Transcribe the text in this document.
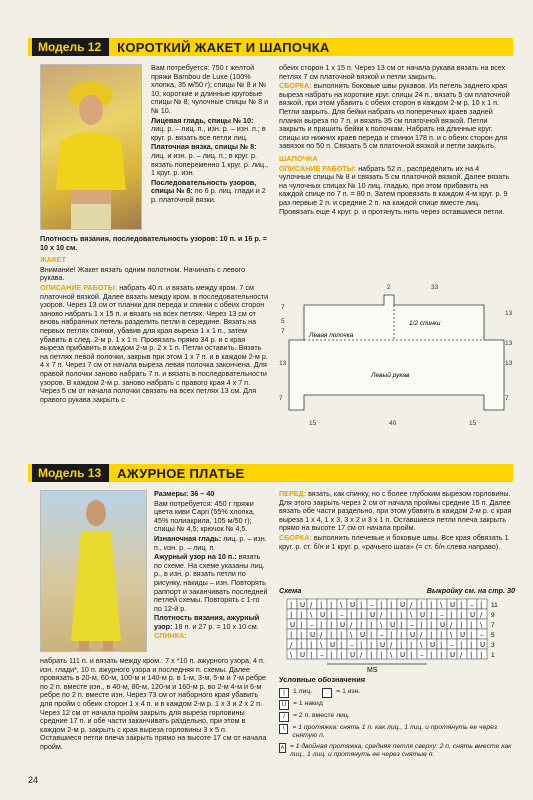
Модель 12	КОРОТКИЙ ЖАКЕТ И ШАПОЧКА

Вам потребуется: 750 г желтой пряжи Bambou de Luxe (100% хлопка, 35 м/50 г); спицы № 8 и № 10; короткие и длинные круговые спицы № 8; чулочные спицы № 8 и № 10.

Лицевая гладь, спицы № 10: лиц. р. – лиц. п., изн. р. – изн. п.; в круг. р. вязать все петли лиц.

Платочная вязка, спицы № 8: лиц. и изн. р. – лиц. п.; в круг. р. вязать попеременно 1 круг. р. лиц., 1 круг. р. изн.

Последовательность узоров, спицы № 8: по 6 р. лиц. глади и 2 р. платочной вязки.

Плотность вязания, последовательность узоров: 10 п. и 16 р. = 10 х 10 см.

ЖАКЕТ

Внимание! Жакет вязать одним полотном. Начинать с левого рукава.

ОПИСАНИЕ РАБОТЫ: набрать 40 п. и вязать между кром. 7 см платочной вязкой. Далее вязать между кром. в последовательности узоров. Через 13 см от планки для переда и спинки с обеих сторон заново набрать 1 х 15 п. и вязать на всех петлях. Через 13 см от вновь набранных петель разделить петли в середине. Вязать на первых петлях спинки, убавив для края выреза 1 х 1 п., затем убавить в след. 2-м р. 1 х 1 п. Провязать прямо 34 р. и с края выреза прибавить в каждом 2-м р. 2 х 1 п. Петли оставить. Вязать на петлях левой полочки, закрыв при этом 1 х 7 п. и в каждом 2-м р. 4 х 7 п. Через 7 см от начала выреза левая полочка закончена. Для правой полочки заново набрать 7 п. и вязать в последовательности узоров. В каждом 2-м р. заново набрать с правого края 4 х 7 п. Через 5 см от начала полочки связать на всех петлях 13 см. Для правого рукава закрыть с

обеих сторон 1 х 15 п. Через 13 см от начала рукава вязать на всех петлях 7 см платочной вязкой и петли закрыть.

СБОРКА: выполнить боковые швы рукавов. Из петель заднего края выреза набрать на короткие круг. спицы 24 п., вязать 5 см платочной вязкой, при этом убавить с обеих сторон в каждом 2-м р. 10 х 1 п. Петли закрыть. Для бейки набрать из поперечных краев задней планки выреза по 7 п. и вязать 35 см платочной вязкой. Петли закрыть и пришить бейки к полочкам. Набрать на длинные круг. спицы из нижних краев переда и спинки 178 п. и с обеих сторон для завязок по 50 п. Связать 5 см платочной вязкой и петли закрыть.

ШАПОЧКА

ОПИСАНИЕ РАБОТЫ: набрать 52 п., распределить их на 4 чулочные спицы № 8 и связать 5 см платочной вязкой. Далее вязать на чулочных спицах № 10 лиц. гладью, при этом прибавить на каждой спице по 7 п. = 80 п. Затем провязать в каждом 4-м круг. р. 9 раз первые 2 п. и средние 2 п. на каждой спице вместе лиц. Провязать еще 4 круг. р. и протянуть нить через оставшиеся петли.

1/2 спинки
Левая полочка
Левый рукав
2	33
7
5
7
13
13
13
7
15	40	15
13
7
Модель 13	АЖУРНОЕ ПЛАТЬЕ

Размеры: 36 – 40

Вам потребуется: 450 г пряжи цвета киви Capri (55% хлопка, 45% полиакрила, 105 м/50 г); спицы № 4,5; крючок № 4,5.

Изнаночная гладь: лиц. р. – изн. п., изн. р. – лиц. п.

Ажурный узор на 10 п.: вязать по схеме. На схеме указаны лиц. р., в изн. р. вязать петли по рисунку, накиды – изн. Повторять раппорт и заканчивать последней петлей схемы. Повторять с 1-го по 12-й р.

Плотность вязания, ажурный узор: 18 п. и 27 р. = 10 х 10 см. СПИНКА:

набрать 111 п. и вязать между кром.: 7 х *10 п. ажурного узора, 4 п. изн. глади*, 10 п. ажурного узора и последняя п. схемы. Далее провязать в 20-м, 60-м, 100-м и 140-м р. в 1-м, 3-м, 5-м и 7-м ребре по 2 п. вместе изн., в 40-м, 80-м, 120-м и 160-м р. во 2-м 4-м и 6-м ребре по 2 п. вместе изн. Через 73 см от наборного края убавить для пройм с обеих сторон 1 х 4 п. и в каждом 2-м р. 1 х 3 и 2 х 2 п. Через 12 см от начала пройм закрыть для выреза горловины средние 17 п. и обе части заканчивать раздельно, при этом в каждом 2-м р. закрыть с края выреза горловины 3 х 5 п. Оставшиеся петли плеча закрыть прямо на высоте 17 см от начала пройм.

ПЕРЕД: вязать, как спинку, но с более глубоким вырезом горловины. Для этого закрыть через 2 см от начала проймы средние 15 п. Далее вязать обе части раздельно, при этом убавить в каждом 2-м р. с края выреза 1 х 4, 1 х 3, 3 х 2 и 3 х 1 п. Оставшиеся петли плеча закрыть прямо на высоте 17 см от начала пройм.

СБОРКА: выполнить плечевые и боковые швы. Все края обвязать 1 круг. р. ст. б/н и 1 круг. р. «рачьего шага» (= ст. б/н слева направо).

Схема	Выкройку см. на стр. 30
| U / | | \ U | – | | U / | | \ U | – |
| | \ U | – | | U / | | \ U | – | | U /
U | – | | U / | | \ U | – | | U / | | \
| | U / | | \ U | – | | U / | | \ U | –
/ | | \ U | – | | U / | | \ U | – | | U
\ U | – | | U / | | \ U | – | | U / | |
11
9
7
5
3
1
MS

Условные обозначения

|	1 лиц.	= 1 изн.
U	= 1 накид
/	= 2 п. вместе лиц.
\	= 1 протяжка: снять 1 п. как лиц., 1 лиц. и протянуть ее через снятую п.
∧ = 1 двойная протяжка, средняя петля сверху: 2 п. снять вместе как лиц., 1 лиц. и протянуть ее через снятые п.
24
